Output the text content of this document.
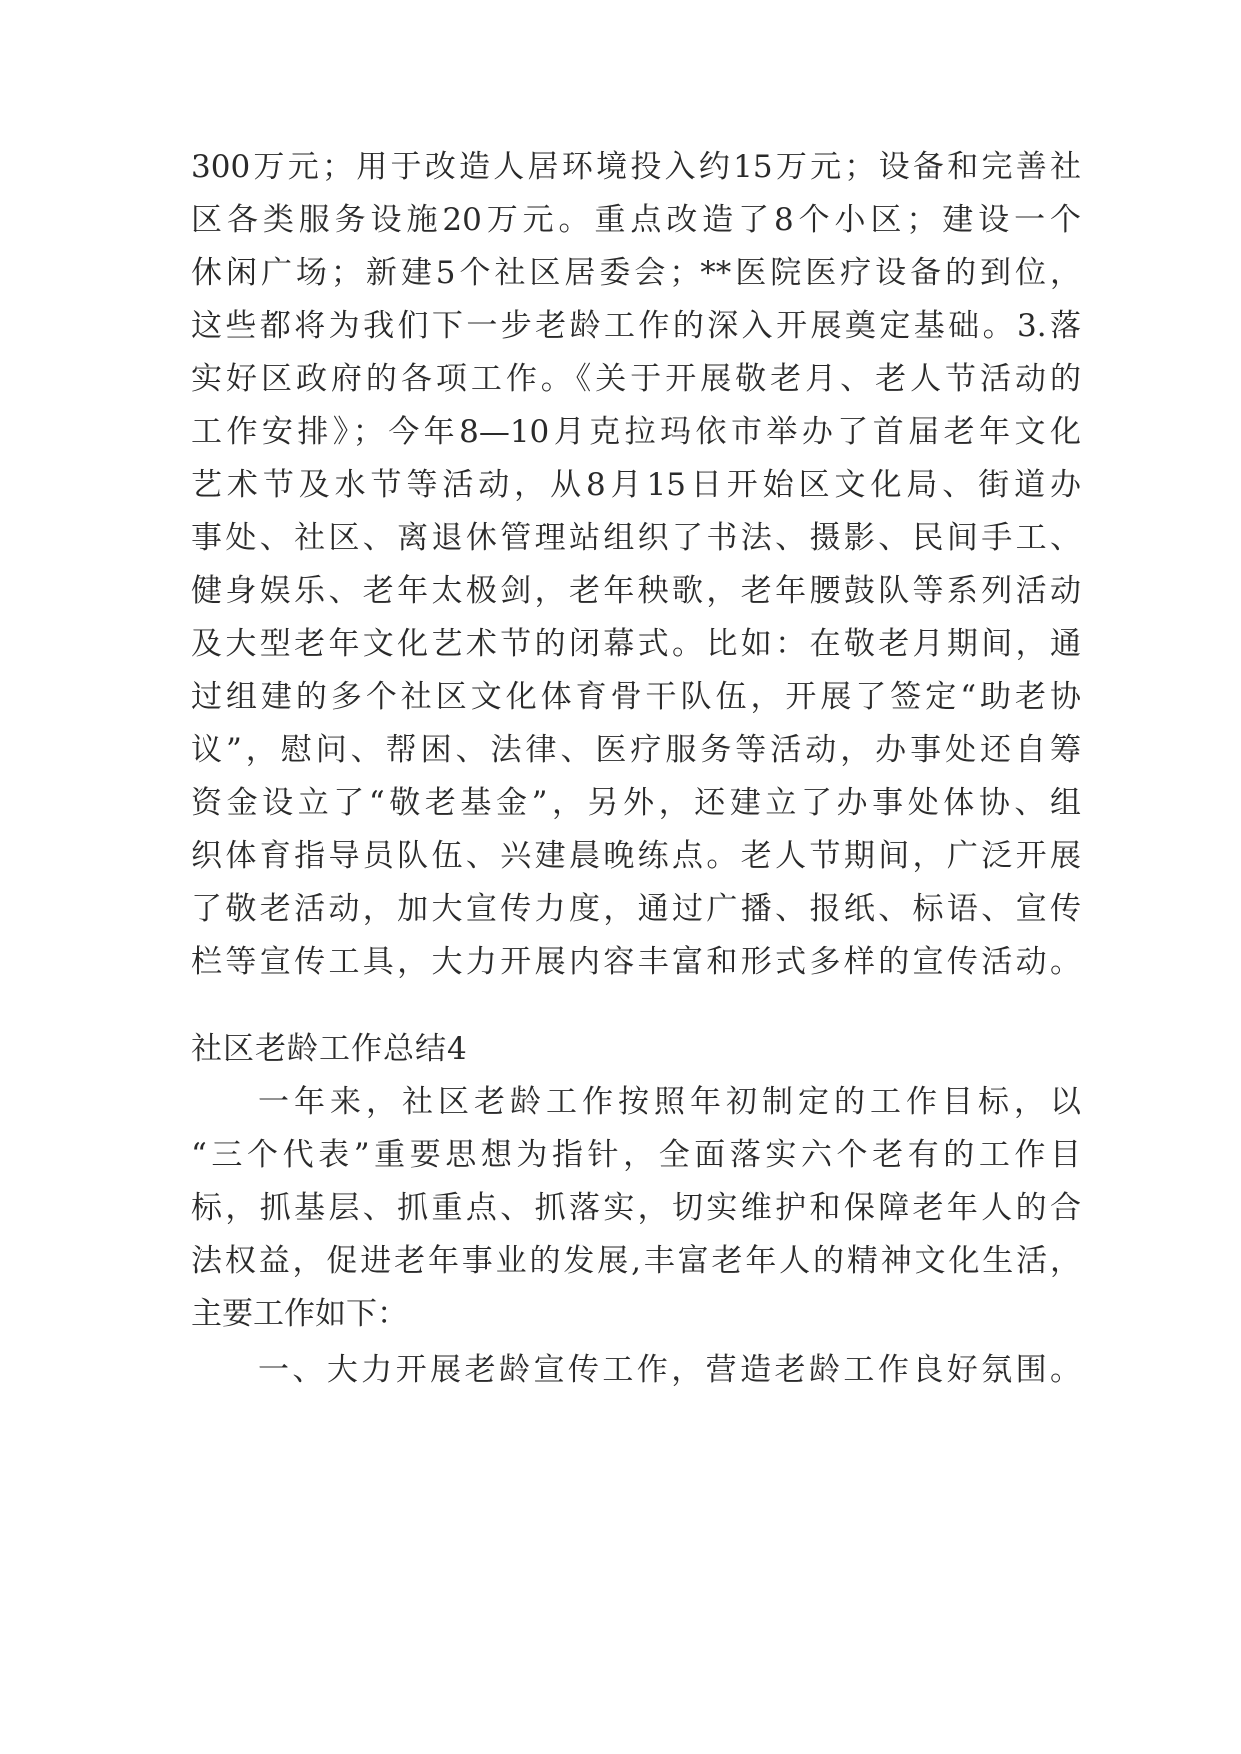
300万元；用于改造人居环境投入约15万元；设备和完善社
区各类服务设施20万元。重点改造了8个小区；建设一个
休闲广场；新建5个社区居委会；**医院医疗设备的到位，
这些都将为我们下一步老龄工作的深入开展奠定基础。3.落
实好区政府的各项工作。《关于开展敬老月、老人节活动的
工作安排》；今年8—10月克拉玛依市举办了首届老年文化
艺术节及水节等活动，从8月15日开始区文化局、街道办
事处、社区、离退休管理站组织了书法、摄影、民间手工、
健身娱乐、老年太极剑，老年秧歌，老年腰鼓队等系列活动
及大型老年文化艺术节的闭幕式。比如：在敬老月期间，通
过组建的多个社区文化体育骨干队伍，开展了签定“助老协
议”，慰问、帮困、法律、医疗服务等活动，办事处还自筹
资金设立了“敬老基金”，另外，还建立了办事处体协、组
织体育指导员队伍、兴建晨晚练点。老人节期间，广泛开展
了敬老活动，加大宣传力度，通过广播、报纸、标语、宣传
栏等宣传工具，大力开展内容丰富和形式多样的宣传活动。
社区老龄工作总结4
一年来，社区老龄工作按照年初制定的工作目标，以
“三个代表”重要思想为指针，全面落实六个老有的工作目
标，抓基层、抓重点、抓落实，切实维护和保障老年人的合
法权益，促进老年事业的发展,丰富老年人的精神文化生活，
主要工作如下：
一、大力开展老龄宣传工作，营造老龄工作良好氛围。
